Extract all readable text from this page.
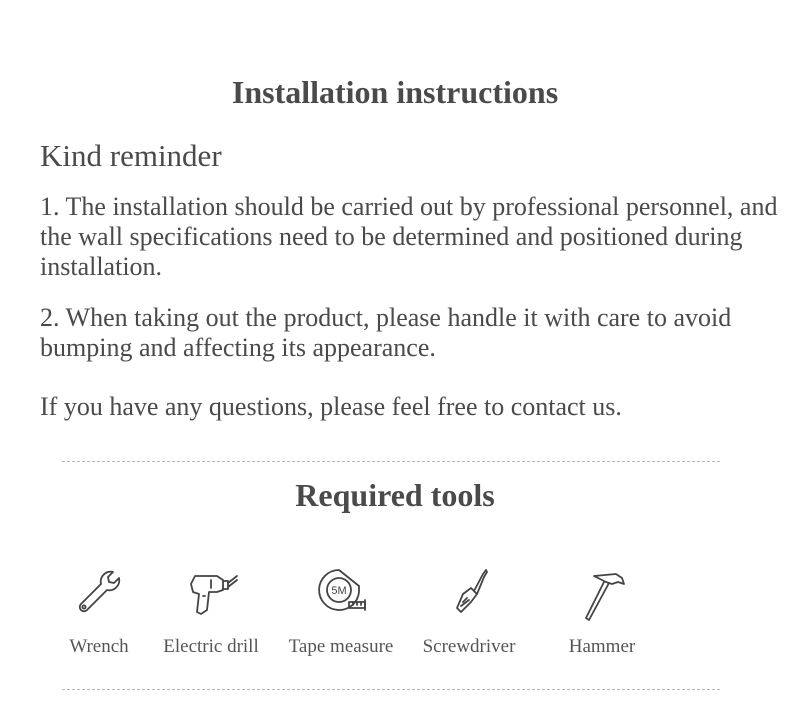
Installation instructions
Kind reminder
1. The installation should be carried out by professional personnel, and the wall specifications need to be determined and positioned during installation.
2. When taking out the product, please handle it with care to avoid bumping and affecting its appearance.
If you have any questions, please feel free to contact us.
Required tools
Wrench	Electric drill
5M
Tape measure	Screwdriver	Hammer
